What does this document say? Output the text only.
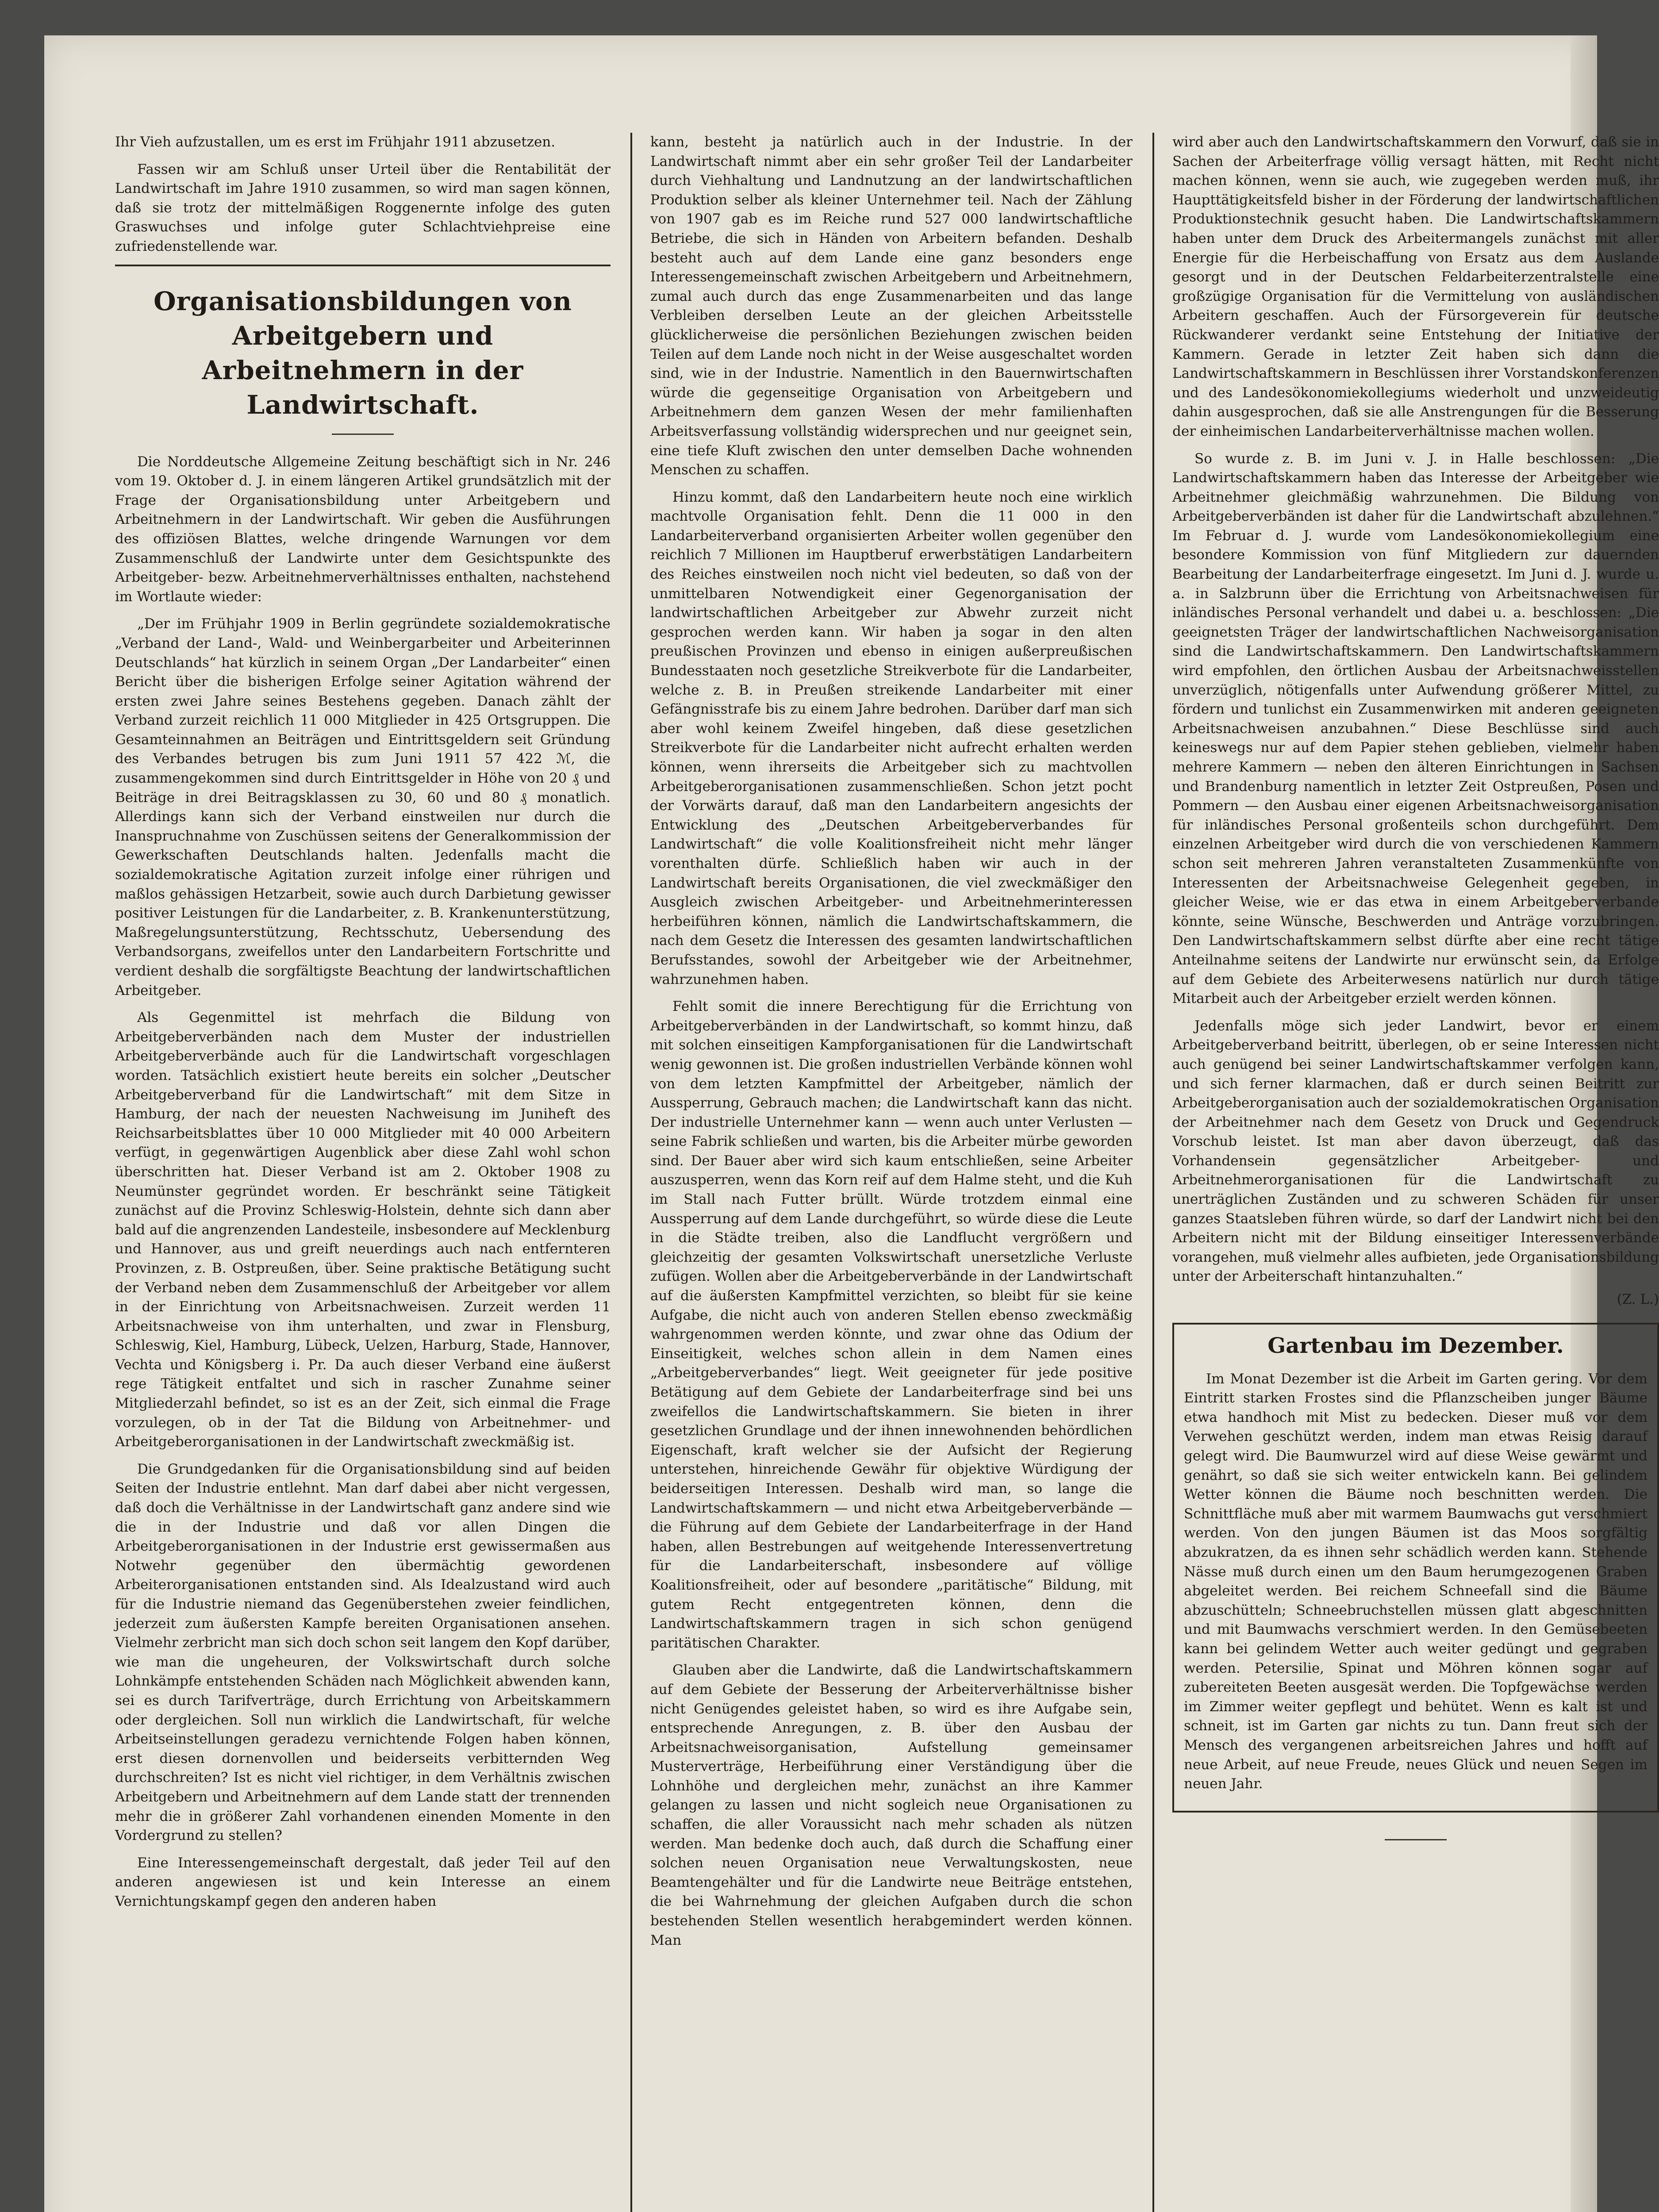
Ihr Vieh aufzustallen, um es erst im Frühjahr 1911 abzusetzen.

Fassen wir am Schluß unser Urteil über die Rentabilität der Landwirtschaft im Jahre 1910 zusammen, so wird man sagen können, daß sie trotz der mittelmäßigen Roggenernte infolge des guten Graswuchses und infolge guter Schlachtviehpreise eine zufriedenstellende war.

Organisationsbildungen von Arbeitgebern und Arbeitnehmern in der Landwirtschaft.

Die Norddeutsche Allgemeine Zeitung beschäftigt sich in Nr. 246 vom 19. Oktober d. J. in einem längeren Artikel grundsätzlich mit der Frage der Organisationsbildung unter Arbeitgebern und Arbeitnehmern in der Landwirtschaft. Wir geben die Ausführungen des offiziösen Blattes, welche dringende Warnungen vor dem Zusammenschluß der Landwirte unter dem Gesichtspunkte des Arbeitgeber- bezw. Arbeitnehmerverhältnisses enthalten, nachstehend im Wortlaute wieder:

„Der im Frühjahr 1909 in Berlin gegründete sozialdemokratische „Verband der Land-, Wald- und Weinbergarbeiter und Arbeiterinnen Deutschlands“ hat kürzlich in seinem Organ „Der Landarbeiter“ einen Bericht über die bisherigen Erfolge seiner Agitation während der ersten zwei Jahre seines Bestehens gegeben. Danach zählt der Verband zurzeit reichlich 11 000 Mitglieder in 425 Ortsgruppen. Die Gesamteinnahmen an Beiträgen und Eintrittsgeldern seit Gründung des Verbandes betrugen bis zum Juni 1911 57 422 ℳ, die zusammengekommen sind durch Eintrittsgelder in Höhe von 20 ₰ und Beiträge in drei Beitragsklassen zu 30, 60 und 80 ₰ monatlich. Allerdings kann sich der Verband einstweilen nur durch die Inanspruchnahme von Zuschüssen seitens der Generalkommission der Gewerkschaften Deutschlands halten. Jedenfalls macht die sozialdemokratische Agitation zurzeit infolge einer rührigen und maßlos gehässigen Hetzarbeit, sowie auch durch Darbietung gewisser positiver Leistungen für die Landarbeiter, z. B. Krankenunterstützung, Maßregelungsunterstützung, Rechtsschutz, Uebersendung des Verbandsorgans, zweifellos unter den Landarbeitern Fortschritte und verdient deshalb die sorgfältigste Beachtung der landwirtschaftlichen Arbeitgeber.

Als Gegenmittel ist mehrfach die Bildung von Arbeitgeberverbänden nach dem Muster der industriellen Arbeitgeberverbände auch für die Landwirtschaft vorgeschlagen worden. Tatsächlich existiert heute bereits ein solcher „Deutscher Arbeitgeberverband für die Landwirtschaft“ mit dem Sitze in Hamburg, der nach der neuesten Nachweisung im Juniheft des Reichsarbeitsblattes über 10 000 Mitglieder mit 40 000 Arbeitern verfügt, in gegenwärtigen Augenblick aber diese Zahl wohl schon überschritten hat. Dieser Verband ist am 2. Oktober 1908 zu Neumünster gegründet worden. Er beschränkt seine Tätigkeit zunächst auf die Provinz Schleswig-Holstein, dehnte sich dann aber bald auf die angrenzenden Landesteile, insbesondere auf Mecklenburg und Hannover, aus und greift neuerdings auch nach entfernteren Provinzen, z. B. Ostpreußen, über. Seine praktische Betätigung sucht der Verband neben dem Zusammenschluß der Arbeitgeber vor allem in der Einrichtung von Arbeitsnachweisen. Zurzeit werden 11 Arbeitsnachweise von ihm unterhalten, und zwar in Flensburg, Schleswig, Kiel, Hamburg, Lübeck, Uelzen, Harburg, Stade, Hannover, Vechta und Königsberg i. Pr. Da auch dieser Verband eine äußerst rege Tätigkeit entfaltet und sich in rascher Zunahme seiner Mitgliederzahl befindet, so ist es an der Zeit, sich einmal die Frage vorzulegen, ob in der Tat die Bildung von Arbeitnehmer- und Arbeitgeberorganisationen in der Landwirtschaft zweckmäßig ist.

Die Grundgedanken für die Organisationsbildung sind auf beiden Seiten der Industrie entlehnt. Man darf dabei aber nicht vergessen, daß doch die Verhältnisse in der Landwirtschaft ganz andere sind wie die in der Industrie und daß vor allen Dingen die Arbeitgeberorganisationen in der Industrie erst gewissermaßen aus Notwehr gegenüber den übermächtig gewordenen Arbeiterorganisationen entstanden sind. Als Idealzustand wird auch für die Industrie niemand das Gegenüberstehen zweier feindlichen, jederzeit zum äußersten Kampfe bereiten Organisationen ansehen. Vielmehr zerbricht man sich doch schon seit langem den Kopf darüber, wie man die ungeheuren, der Volkswirtschaft durch solche Lohnkämpfe entstehenden Schäden nach Möglichkeit abwenden kann, sei es durch Tarifverträge, durch Errichtung von Arbeitskammern oder dergleichen. Soll nun wirklich die Landwirtschaft, für welche Arbeitseinstellungen geradezu vernichtende Folgen haben können, erst diesen dornenvollen und beiderseits verbitternden Weg durchschreiten? Ist es nicht viel richtiger, in dem Verhältnis zwischen Arbeitgebern und Arbeitnehmern auf dem Lande statt der trennenden mehr die in größerer Zahl vorhandenen einenden Momente in den Vordergrund zu stellen?

Eine Interessengemeinschaft dergestalt, daß jeder Teil auf den anderen angewiesen ist und kein Interesse an einem Vernichtungskampf gegen den anderen haben

kann, besteht ja natürlich auch in der Industrie. In der Landwirtschaft nimmt aber ein sehr großer Teil der Landarbeiter durch Viehhaltung und Landnutzung an der landwirtschaftlichen Produktion selber als kleiner Unternehmer teil. Nach der Zählung von 1907 gab es im Reiche rund 527 000 landwirtschaftliche Betriebe, die sich in Händen von Arbeitern befanden. Deshalb besteht auch auf dem Lande eine ganz besonders enge Interessengemeinschaft zwischen Arbeitgebern und Arbeitnehmern, zumal auch durch das enge Zusammenarbeiten und das lange Verbleiben derselben Leute an der gleichen Arbeitsstelle glücklicherweise die persönlichen Beziehungen zwischen beiden Teilen auf dem Lande noch nicht in der Weise ausgeschaltet worden sind, wie in der Industrie. Namentlich in den Bauernwirtschaften würde die gegenseitige Organisation von Arbeitgebern und Arbeitnehmern dem ganzen Wesen der mehr familienhaften Arbeitsverfassung vollständig widersprechen und nur geeignet sein, eine tiefe Kluft zwischen den unter demselben Dache wohnenden Menschen zu schaffen.

Hinzu kommt, daß den Landarbeitern heute noch eine wirklich machtvolle Organisation fehlt. Denn die 11 000 in den Landarbeiterverband organisierten Arbeiter wollen gegenüber den reichlich 7 Millionen im Hauptberuf erwerbstätigen Landarbeitern des Reiches einstweilen noch nicht viel bedeuten, so daß von der unmittelbaren Notwendigkeit einer Gegenorganisation der landwirtschaftlichen Arbeitgeber zur Abwehr zurzeit nicht gesprochen werden kann. Wir haben ja sogar in den alten preußischen Provinzen und ebenso in einigen außerpreußischen Bundesstaaten noch gesetzliche Streikverbote für die Landarbeiter, welche z. B. in Preußen streikende Landarbeiter mit einer Gefängnisstrafe bis zu einem Jahre bedrohen. Darüber darf man sich aber wohl keinem Zweifel hingeben, daß diese gesetzlichen Streikverbote für die Landarbeiter nicht aufrecht erhalten werden können, wenn ihrerseits die Arbeitgeber sich zu machtvollen Arbeitgeberorganisationen zusammenschließen. Schon jetzt pocht der Vorwärts darauf, daß man den Landarbeitern angesichts der Entwicklung des „Deutschen Arbeitgeberverbandes für Landwirtschaft“ die volle Koalitionsfreiheit nicht mehr länger vorenthalten dürfe. Schließlich haben wir auch in der Landwirtschaft bereits Organisationen, die viel zweckmäßiger den Ausgleich zwischen Arbeitgeber- und Arbeitnehmerinteressen herbeiführen können, nämlich die Landwirtschaftskammern, die nach dem Gesetz die Interessen des gesamten landwirtschaftlichen Berufsstandes, sowohl der Arbeitgeber wie der Arbeitnehmer, wahrzunehmen haben.

Fehlt somit die innere Berechtigung für die Errichtung von Arbeitgeberverbänden in der Landwirtschaft, so kommt hinzu, daß mit solchen einseitigen Kampforganisationen für die Landwirtschaft wenig gewonnen ist. Die großen industriellen Verbände können wohl von dem letzten Kampfmittel der Arbeitgeber, nämlich der Aussperrung, Gebrauch machen; die Landwirtschaft kann das nicht. Der industrielle Unternehmer kann — wenn auch unter Verlusten — seine Fabrik schließen und warten, bis die Arbeiter mürbe geworden sind. Der Bauer aber wird sich kaum entschließen, seine Arbeiter auszusperren, wenn das Korn reif auf dem Halme steht, und die Kuh im Stall nach Futter brüllt. Würde trotzdem einmal eine Aussperrung auf dem Lande durchgeführt, so würde diese die Leute in die Städte treiben, also die Landflucht vergrößern und gleichzeitig der gesamten Volkswirtschaft unersetzliche Verluste zufügen. Wollen aber die Arbeitgeberverbände in der Landwirtschaft auf die äußersten Kampfmittel verzichten, so bleibt für sie keine Aufgabe, die nicht auch von anderen Stellen ebenso zweckmäßig wahrgenommen werden könnte, und zwar ohne das Odium der Einseitigkeit, welches schon allein in dem Namen eines „Arbeitgeberverbandes“ liegt. Weit geeigneter für jede positive Betätigung auf dem Gebiete der Landarbeiterfrage sind bei uns zweifellos die Landwirtschaftskammern. Sie bieten in ihrer gesetzlichen Grundlage und der ihnen innewohnenden behördlichen Eigenschaft, kraft welcher sie der Aufsicht der Regierung unterstehen, hinreichende Gewähr für objektive Würdigung der beiderseitigen Interessen. Deshalb wird man, so lange die Landwirtschaftskammern — und nicht etwa Arbeitgeberverbände — die Führung auf dem Gebiete der Landarbeiterfrage in der Hand haben, allen Bestrebungen auf weitgehende Interessenvertretung für die Landarbeiterschaft, insbesondere auf völlige Koalitionsfreiheit, oder auf besondere „paritätische“ Bildung, mit gutem Recht entgegentreten können, denn die Landwirtschaftskammern tragen in sich schon genügend paritätischen Charakter.

Glauben aber die Landwirte, daß die Landwirtschaftskammern auf dem Gebiete der Besserung der Arbeiterverhältnisse bisher nicht Genügendes geleistet haben, so wird es ihre Aufgabe sein, entsprechende Anregungen, z. B. über den Ausbau der Arbeitsnachweisorganisation, Aufstellung gemeinsamer Musterverträge, Herbeiführung einer Verständigung über die Lohnhöhe und dergleichen mehr, zunächst an ihre Kammer gelangen zu lassen und nicht sogleich neue Organisationen zu schaffen, die aller Voraussicht nach mehr schaden als nützen werden. Man bedenke doch auch, daß durch die Schaffung einer solchen neuen Organisation neue Verwaltungskosten, neue Beamtengehälter und für die Landwirte neue Beiträge entstehen, die bei Wahrnehmung der gleichen Aufgaben durch die schon bestehenden Stellen wesentlich herabgemindert werden können. Man

wird aber auch den Landwirtschaftskammern den Vorwurf, daß sie in Sachen der Arbeiterfrage völlig versagt hätten, mit Recht nicht machen können, wenn sie auch, wie zugegeben werden muß, ihr Haupttätigkeitsfeld bisher in der Förderung der landwirtschaftlichen Produktionstechnik gesucht haben. Die Landwirtschaftskammern haben unter dem Druck des Arbeitermangels zunächst mit aller Energie für die Herbeischaffung von Ersatz aus dem Auslande gesorgt und in der Deutschen Feldarbeiterzentralstelle eine großzügige Organisation für die Vermittelung von ausländischen Arbeitern geschaffen. Auch der Fürsorgeverein für deutsche Rückwanderer verdankt seine Entstehung der Initiative der Kammern. Gerade in letzter Zeit haben sich dann die Landwirtschaftskammern in Beschlüssen ihrer Vorstandskonferenzen und des Landesökonomiekollegiums wiederholt und unzweideutig dahin ausgesprochen, daß sie alle Anstrengungen für die Besserung der einheimischen Landarbeiterverhältnisse machen wollen.

So wurde z. B. im Juni v. J. in Halle beschlossen: „Die Landwirtschaftskammern haben das Interesse der Arbeitgeber wie Arbeitnehmer gleichmäßig wahrzunehmen. Die Bildung von Arbeitgeberverbänden ist daher für die Landwirtschaft abzulehnen.“ Im Februar d. J. wurde vom Landesökonomiekollegium eine besondere Kommission von fünf Mitgliedern zur dauernden Bearbeitung der Landarbeiterfrage eingesetzt. Im Juni d. J. wurde u. a. in Salzbrunn über die Errichtung von Arbeitsnachweisen für inländisches Personal verhandelt und dabei u. a. beschlossen: „Die geeignetsten Träger der landwirtschaftlichen Nachweisorganisation sind die Landwirtschaftskammern. Den Landwirtschaftskammern wird empfohlen, den örtlichen Ausbau der Arbeitsnachweisstellen unverzüglich, nötigenfalls unter Aufwendung größerer Mittel, zu fördern und tunlichst ein Zusammenwirken mit anderen geeigneten Arbeitsnachweisen anzubahnen.“ Diese Beschlüsse sind auch keineswegs nur auf dem Papier stehen geblieben, vielmehr haben mehrere Kammern — neben den älteren Einrichtungen in Sachsen und Brandenburg namentlich in letzter Zeit Ostpreußen, Posen und Pommern — den Ausbau einer eigenen Arbeitsnachweisorganisation für inländisches Personal großenteils schon durchgeführt. Dem einzelnen Arbeitgeber wird durch die von verschiedenen Kammern schon seit mehreren Jahren veranstalteten Zusammenkünfte von Interessenten der Arbeitsnachweise Gelegenheit gegeben, in gleicher Weise, wie er das etwa in einem Arbeitgeberverbande könnte, seine Wünsche, Beschwerden und Anträge vorzubringen. Den Landwirtschaftskammern selbst dürfte aber eine recht tätige Anteilnahme seitens der Landwirte nur erwünscht sein, da Erfolge auf dem Gebiete des Arbeiterwesens natürlich nur durch tätige Mitarbeit auch der Arbeitgeber erzielt werden können.

Jedenfalls möge sich jeder Landwirt, bevor er einem Arbeitgeberverband beitritt, überlegen, ob er seine Interessen nicht auch genügend bei seiner Landwirtschaftskammer verfolgen kann, und sich ferner klarmachen, daß er durch seinen Beitritt zur Arbeitgeberorganisation auch der sozialdemokratischen Organisation der Arbeitnehmer nach dem Gesetz von Druck und Gegendruck Vorschub leistet. Ist man aber davon überzeugt, daß das Vorhandensein gegensätzlicher Arbeitgeber- und Arbeitnehmerorganisationen für die Landwirtschaft zu unerträglichen Zuständen und zu schweren Schäden für unser ganzes Staatsleben führen würde, so darf der Landwirt nicht bei den Arbeitern nicht mit der Bildung einseitiger Interessenverbände vorangehen, muß vielmehr alles aufbieten, jede Organisationsbildung unter der Arbeiterschaft hintanzuhalten.“

(Z. L.)
Gartenbau im Dezember.

Im Monat Dezember ist die Arbeit im Garten gering. Vor dem Eintritt starken Frostes sind die Pflanzscheiben junger Bäume etwa handhoch mit Mist zu bedecken. Dieser muß vor dem Verwehen geschützt werden, indem man etwas Reisig darauf gelegt wird. Die Baumwurzel wird auf diese Weise gewärmt und genährt, so daß sie sich weiter entwickeln kann. Bei gelindem Wetter können die Bäume noch beschnitten werden. Die Schnittfläche muß aber mit warmem Baumwachs gut verschmiert werden. Von den jungen Bäumen ist das Moos sorgfältig abzukratzen, da es ihnen sehr schädlich werden kann. Stehende Nässe muß durch einen um den Baum herumgezogenen Graben abgeleitet werden. Bei reichem Schneefall sind die Bäume abzuschütteln; Schneebruchstellen müssen glatt abgeschnitten und mit Baumwachs verschmiert werden. In den Gemüsebeeten kann bei gelindem Wetter auch weiter gedüngt und gegraben werden. Petersilie, Spinat und Möhren können sogar auf zubereiteten Beeten ausgesät werden. Die Topfgewächse werden im Zimmer weiter gepflegt und behütet. Wenn es kalt ist und schneit, ist im Garten gar nichts zu tun. Dann freut sich der Mensch des vergangenen arbeitsreichen Jahres und hofft auf neue Arbeit, auf neue Freude, neues Glück und neuen Segen im neuen Jahr.
